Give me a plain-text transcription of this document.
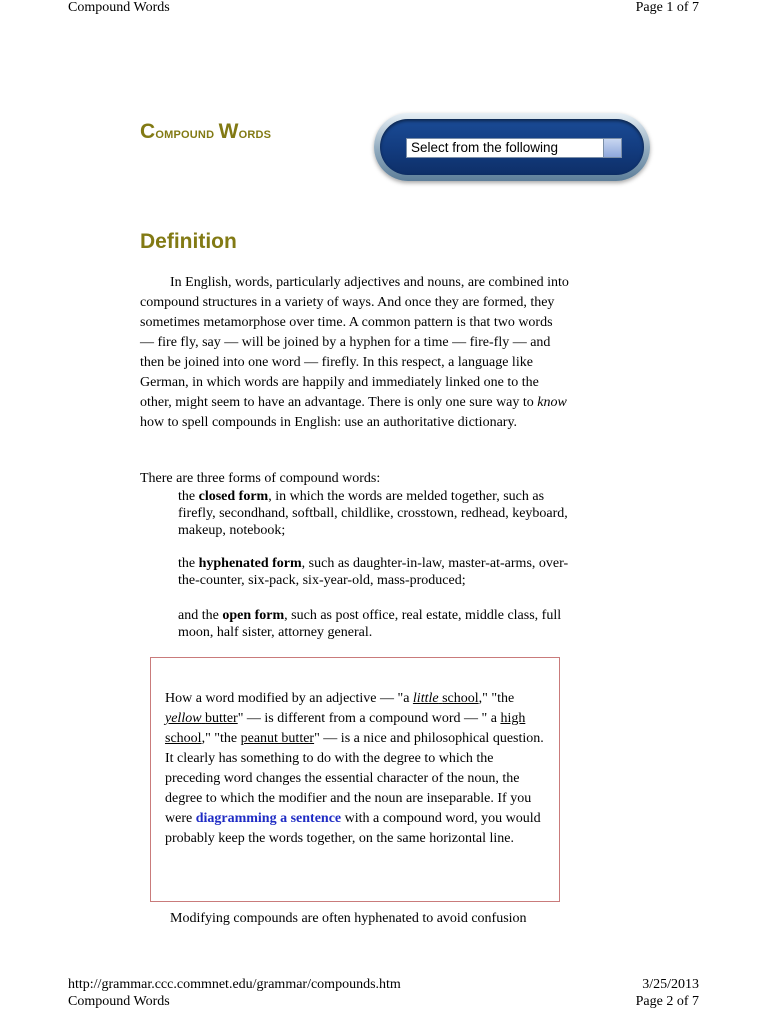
Compound Words	Page 1 of 7
Compound Words
Select from the following
Definition
In English, words, particularly adjectives and nouns, are combined into compound structures in a variety of ways. And once they are formed, they sometimes metamorphose over time. A common pattern is that two words — fire fly, say — will be joined by a hyphen for a time — fire-fly — and then be joined into one word — firefly. In this respect, a language like German, in which words are happily and immediately linked one to the other, might seem to have an advantage. There is only one sure way to know how to spell compounds in English: use an authoritative dictionary.
There are three forms of compound words:
the closed form, in which the words are melded together, such as firefly, secondhand, softball, childlike, crosstown, redhead, keyboard, makeup, notebook;
the hyphenated form, such as daughter-in-law, master-at-arms, over-the-counter, six-pack, six-year-old, mass-produced;
and the open form, such as post office, real estate, middle class, full moon, half sister, attorney general.
How a word modified by an adjective — "a little school," "the yellow butter" — is different from a compound word — " a high school," "the peanut butter" — is a nice and philosophical question. It clearly has something to do with the degree to which the preceding word changes the essential character of the noun, the degree to which the modifier and the noun are inseparable. If you were diagramming a sentence with a compound word, you would probably keep the words together, on the same horizontal line.
Modifying compounds are often hyphenated to avoid confusion
http://grammar.ccc.commnet.edu/grammar/compounds.htm	3/25/2013
Compound Words	Page 2 of 7
